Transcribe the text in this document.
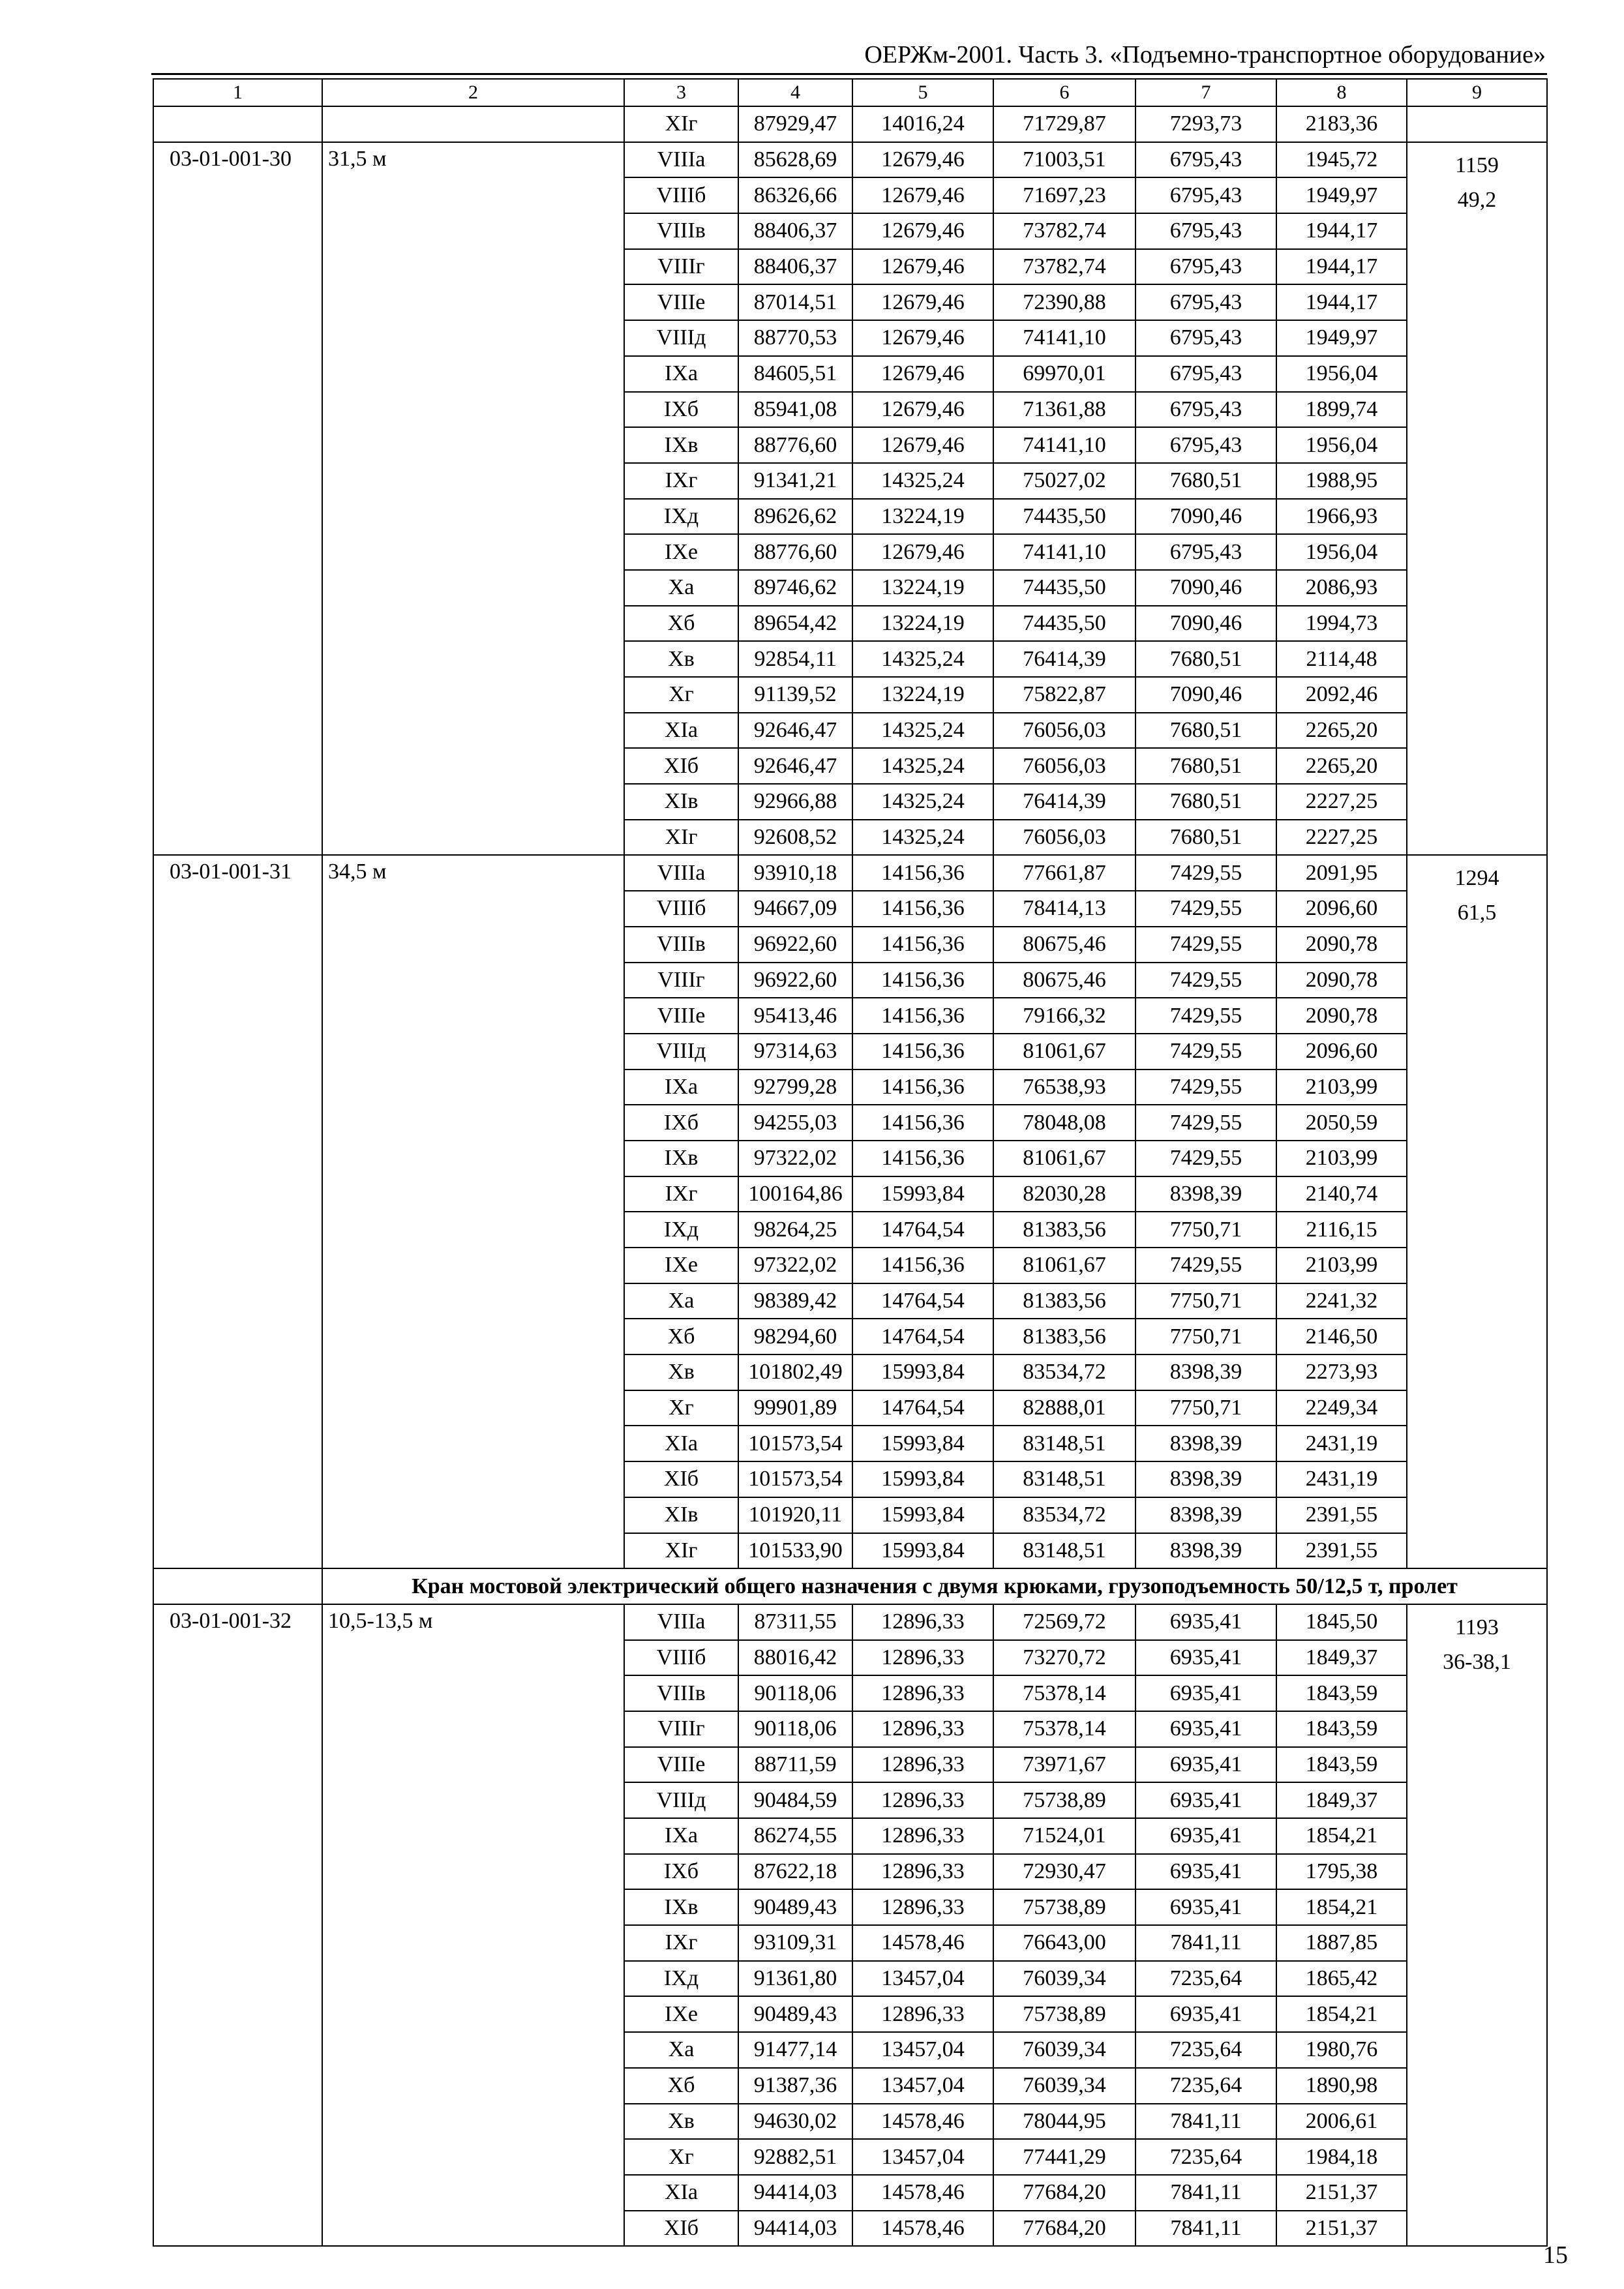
ОЕРЖм-2001. Часть 3. «Подъемно-транспортное оборудование»
1	2	3	4	5	6	7	8	9
		XIг	87929,47	14016,24	71729,87	7293,73	2183,36	
03-01-001-30	31,5 м	VIIIа	85628,69	12679,46	71003,51	6795,43	1945,72	1159
49,2

		VIIIб	86326,66	12679,46	71697,23	6795,43	1949,97	
		VIIIв	88406,37	12679,46	73782,74	6795,43	1944,17	
		VIIIг	88406,37	12679,46	73782,74	6795,43	1944,17	
		VIIIе	87014,51	12679,46	72390,88	6795,43	1944,17	
		VIIIд	88770,53	12679,46	74141,10	6795,43	1949,97	
		IXа	84605,51	12679,46	69970,01	6795,43	1956,04	
		IXб	85941,08	12679,46	71361,88	6795,43	1899,74	
		IXв	88776,60	12679,46	74141,10	6795,43	1956,04	
		IXг	91341,21	14325,24	75027,02	7680,51	1988,95	
		IXд	89626,62	13224,19	74435,50	7090,46	1966,93	
		IXе	88776,60	12679,46	74141,10	6795,43	1956,04	
		Xа	89746,62	13224,19	74435,50	7090,46	2086,93	
		Xб	89654,42	13224,19	74435,50	7090,46	1994,73	
		Xв	92854,11	14325,24	76414,39	7680,51	2114,48	
		Xг	91139,52	13224,19	75822,87	7090,46	2092,46	
		XIа	92646,47	14325,24	76056,03	7680,51	2265,20	
		XIб	92646,47	14325,24	76056,03	7680,51	2265,20	
		XIв	92966,88	14325,24	76414,39	7680,51	2227,25	
		XIг	92608,52	14325,24	76056,03	7680,51	2227,25	
03-01-001-31	34,5 м	VIIIа	93910,18	14156,36	77661,87	7429,55	2091,95	1294
61,5

		VIIIб	94667,09	14156,36	78414,13	7429,55	2096,60	
		VIIIв	96922,60	14156,36	80675,46	7429,55	2090,78	
		VIIIг	96922,60	14156,36	80675,46	7429,55	2090,78	
		VIIIе	95413,46	14156,36	79166,32	7429,55	2090,78	
		VIIIд	97314,63	14156,36	81061,67	7429,55	2096,60	
		IXа	92799,28	14156,36	76538,93	7429,55	2103,99	
		IXб	94255,03	14156,36	78048,08	7429,55	2050,59	
		IXв	97322,02	14156,36	81061,67	7429,55	2103,99	
		IXг	100164,86	15993,84	82030,28	8398,39	2140,74	
		IXд	98264,25	14764,54	81383,56	7750,71	2116,15	
		IXе	97322,02	14156,36	81061,67	7429,55	2103,99	
		Xа	98389,42	14764,54	81383,56	7750,71	2241,32	
		Xб	98294,60	14764,54	81383,56	7750,71	2146,50	
		Xв	101802,49	15993,84	83534,72	8398,39	2273,93	
		Xг	99901,89	14764,54	82888,01	7750,71	2249,34	
		XIа	101573,54	15993,84	83148,51	8398,39	2431,19	
		XIб	101573,54	15993,84	83148,51	8398,39	2431,19	
		XIв	101920,11	15993,84	83534,72	8398,39	2391,55	
		XIг	101533,90	15993,84	83148,51	8398,39	2391,55	
	Кран мостовой электрический общего назначения с двумя крюками, грузоподъемность 50/12,5 т, пролет							
03-01-001-32	10,5-13,5 м	VIIIа	87311,55	12896,33	72569,72	6935,41	1845,50	1193
36-38,1

		VIIIб	88016,42	12896,33	73270,72	6935,41	1849,37	
		VIIIв	90118,06	12896,33	75378,14	6935,41	1843,59	
		VIIIг	90118,06	12896,33	75378,14	6935,41	1843,59	
		VIIIе	88711,59	12896,33	73971,67	6935,41	1843,59	
		VIIIд	90484,59	12896,33	75738,89	6935,41	1849,37	
		IXа	86274,55	12896,33	71524,01	6935,41	1854,21	
		IXб	87622,18	12896,33	72930,47	6935,41	1795,38	
		IXв	90489,43	12896,33	75738,89	6935,41	1854,21	
		IXг	93109,31	14578,46	76643,00	7841,11	1887,85	
		IXд	91361,80	13457,04	76039,34	7235,64	1865,42	
		IXе	90489,43	12896,33	75738,89	6935,41	1854,21	
		Xа	91477,14	13457,04	76039,34	7235,64	1980,76	
		Xб	91387,36	13457,04	76039,34	7235,64	1890,98	
		Xв	94630,02	14578,46	78044,95	7841,11	2006,61	
		Xг	92882,51	13457,04	77441,29	7235,64	1984,18	
		XIа	94414,03	14578,46	77684,20	7841,11	2151,37	
		XIб	94414,03	14578,46	77684,20	7841,11	2151,37	
15
